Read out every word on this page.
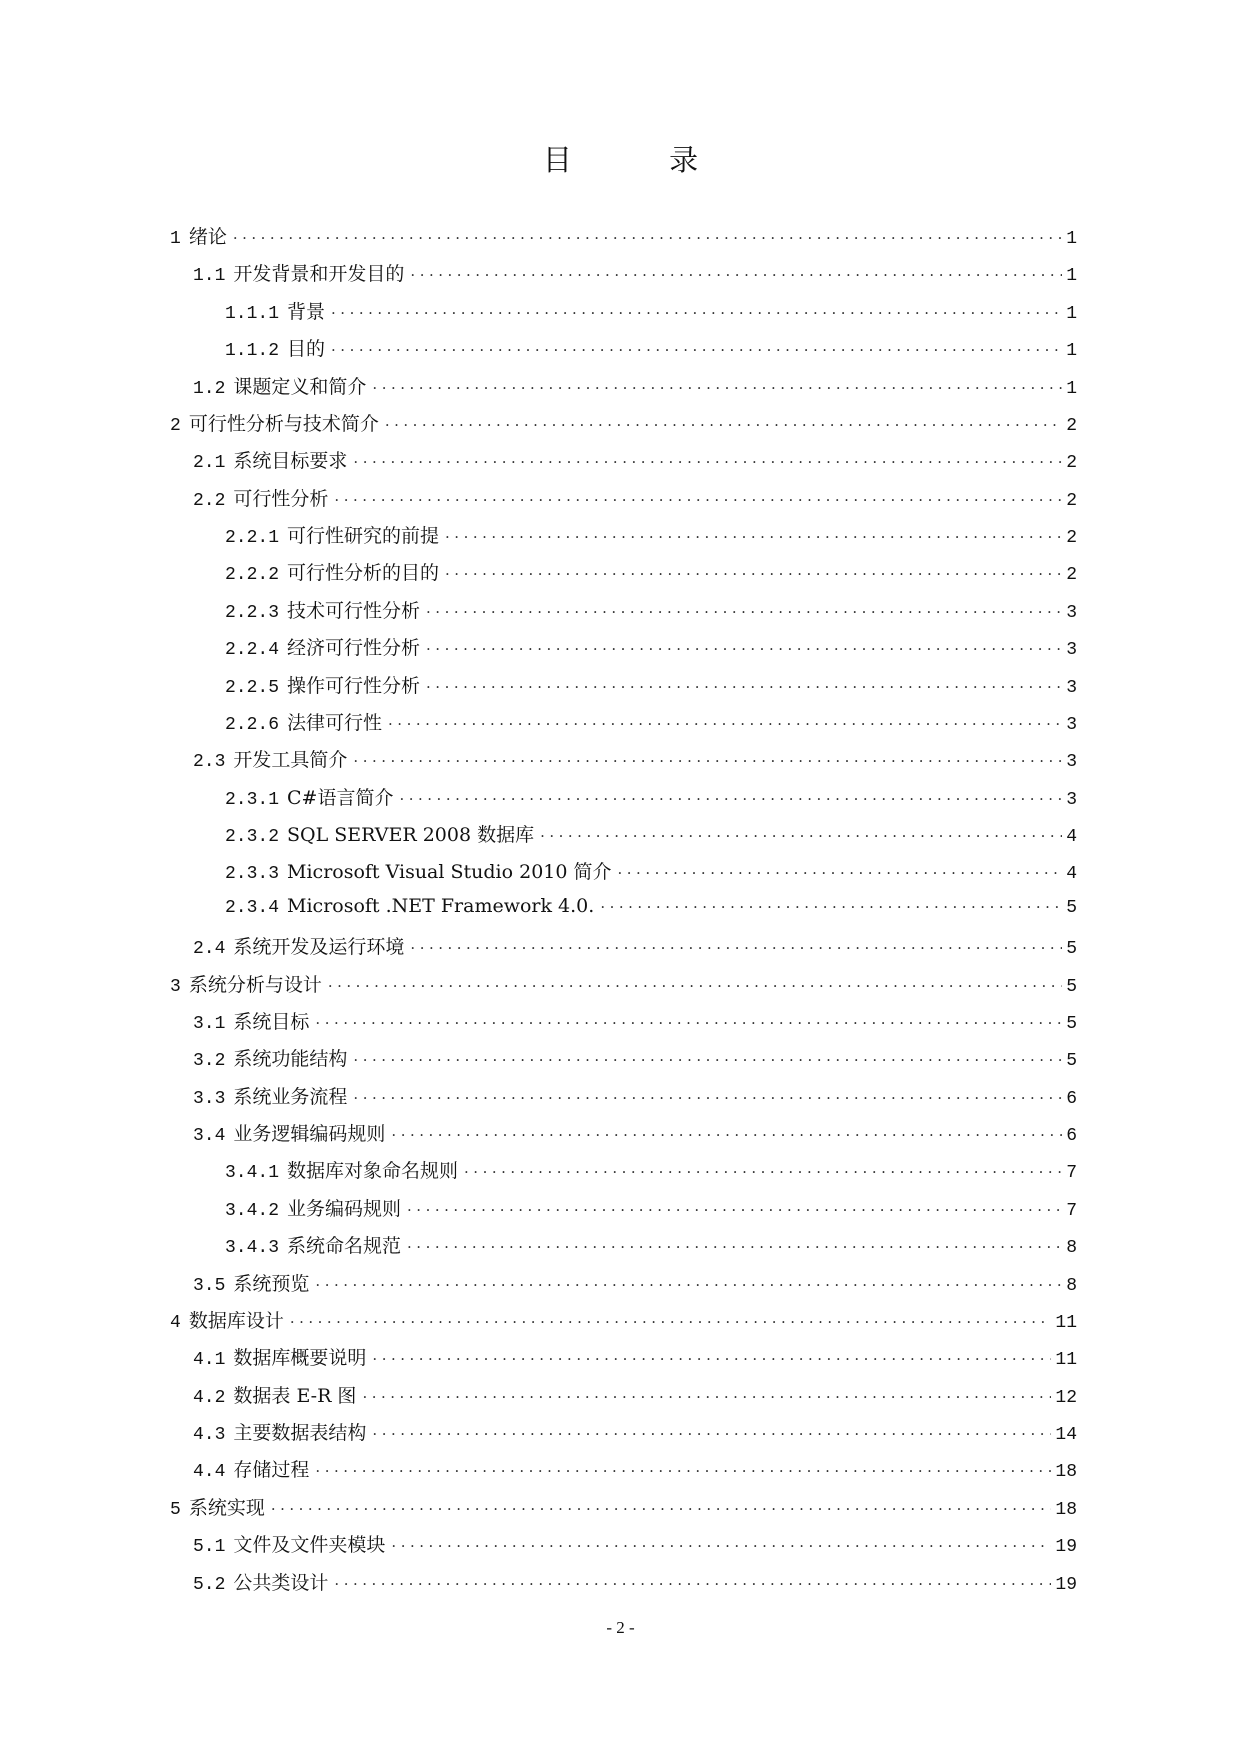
目 录
1 绪论 ·····	1
1.1 开发背景和开发目的 ·····	1
1.1.1 背景 ·····	1
1.1.2 目的 ·····	1
1.2 课题定义和简介 ·····	1
2 可行性分析与技术简介 ·····	2
2.1 系统目标要求 ·····	2
2.2 可行性分析 ·····	2
2.2.1 可行性研究的前提 ·····	2
2.2.2 可行性分析的目的 ·····	2
2.2.3 技术可行性分析 ·····	3
2.2.4 经济可行性分析 ·····	3
2.2.5 操作可行性分析 ·····	3
2.2.6 法律可行性 ·····	3
2.3 开发工具简介 ·····	3
2.3.1 C#语言简介 ·····	3
2.3.2 SQL SERVER 2008 数据库 ·····	4
2.3.3 Microsoft Visual Studio 2010 简介 ·····	4
2.3.4 Microsoft .NET Framework 4.0. ·····	5
2.4 系统开发及运行环境 ·····	5
3 系统分析与设计 ·····	5
3.1 系统目标 ·····	5
3.2 系统功能结构 ·····	5
3.3 系统业务流程 ·····	6
3.4 业务逻辑编码规则 ·····	6
3.4.1 数据库对象命名规则 ·····	7
3.4.2 业务编码规则 ·····	7
3.4.3 系统命名规范 ·····	8
3.5 系统预览 ·····	8
4 数据库设计 ·····	11
4.1 数据库概要说明 ·····	11
4.2 数据表 E-R 图 ·····	12
4.3 主要数据表结构 ·····	14
4.4 存储过程 ·····	18
5 系统实现 ·····	18
5.1 文件及文件夹模块 ·····	19
5.2 公共类设计 ·····	19
- 2 -
